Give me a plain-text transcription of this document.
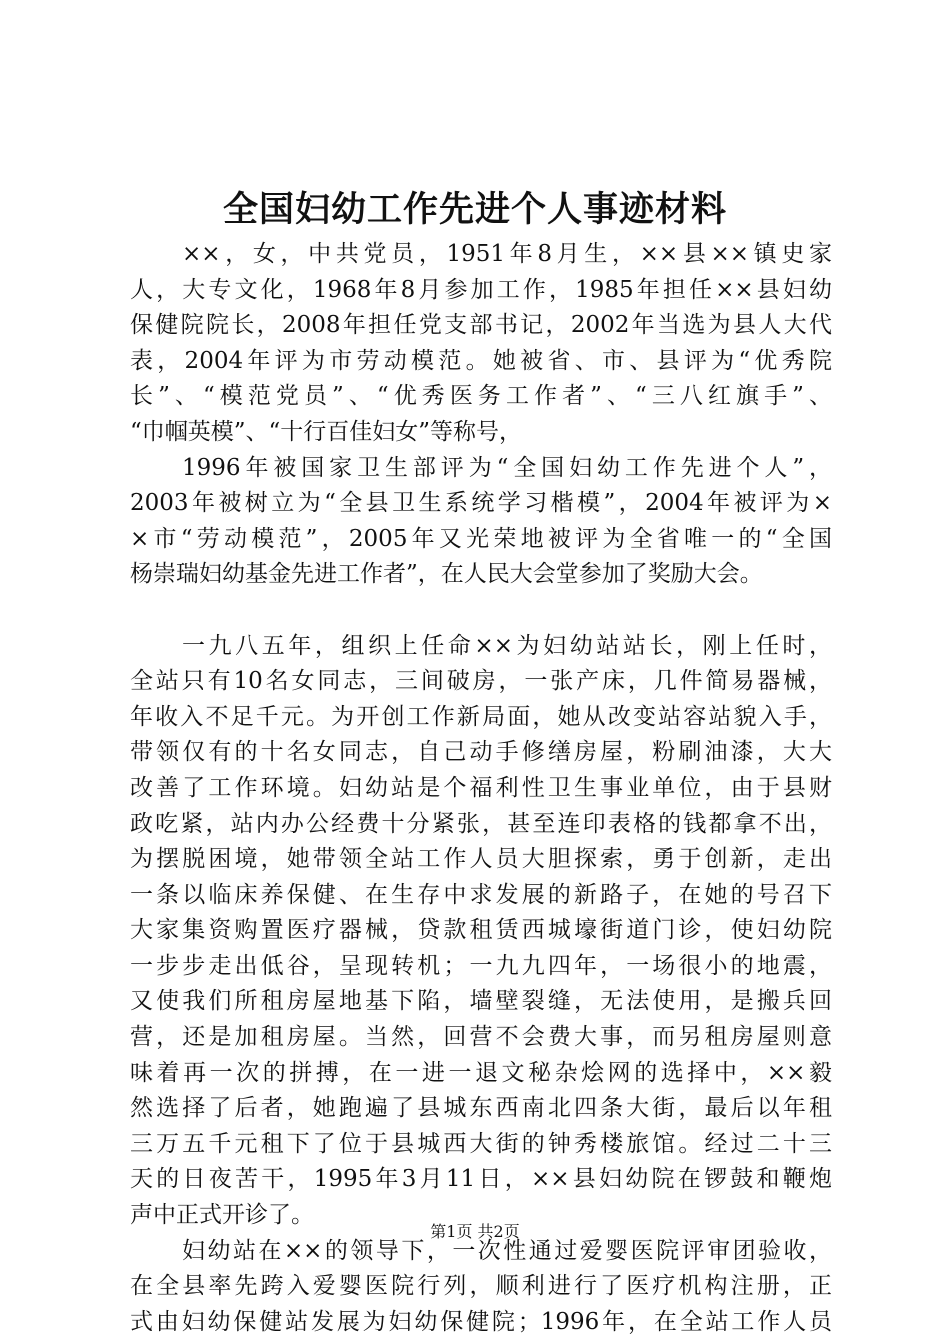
全国妇幼工作先进个人事迹材料
××，女，中共党员，1951年8月生，××县××镇史家
人，大专文化，1968年8月参加工作，1985年担任××县妇幼
保健院院长，2008年担任党支部书记，2002年当选为县人大代
表，2004年评为市劳动模范。她被省、市、县评为“优秀院
长”、“模范党员”、“优秀医务工作者”、“三八红旗手”、
“巾帼英模”、“十行百佳妇女”等称号，
1996年被国家卫生部评为“全国妇幼工作先进个人”，
2003年被树立为“全县卫生系统学习楷模”，2004年被评为×
×市“劳动模范”，2005年又光荣地被评为全省唯一的“全国
杨崇瑞妇幼基金先进工作者”，在人民大会堂参加了奖励大会。
一九八五年，组织上任命××为妇幼站站长，刚上任时，
全站只有10名女同志，三间破房，一张产床，几件简易器械，
年收入不足千元。为开创工作新局面，她从改变站容站貌入手，
带领仅有的十名女同志，自己动手修缮房屋，粉刷油漆，大大
改善了工作环境。妇幼站是个福利性卫生事业单位，由于县财
政吃紧，站内办公经费十分紧张，甚至连印表格的钱都拿不出，
为摆脱困境，她带领全站工作人员大胆探索，勇于创新，走出
一条以临床养保健、在生存中求发展的新路子，在她的号召下
大家集资购置医疗器械，贷款租赁西城壕街道门诊，使妇幼院
一步步走出低谷，呈现转机；一九九四年，一场很小的地震，
又使我们所租房屋地基下陷，墙壁裂缝，无法使用，是搬兵回
营，还是加租房屋。当然，回营不会费大事，而另租房屋则意
味着再一次的拼搏，在一进一退文秘杂烩网的选择中，××毅
然选择了后者，她跑遍了县城东西南北四条大街，最后以年租
三万五千元租下了位于县城西大街的钟秀楼旅馆。经过二十三
天的日夜苦干，1995年3月11日，××县妇幼院在锣鼓和鞭炮
声中正式开诊了。
妇幼站在××的领导下，一次性通过爱婴医院评审团验收，
在全县率先跨入爱婴医院行列，顺利进行了医疗机构注册，正
式由妇幼保健站发展为妇幼保健院；1996年，在全站工作人员
第1页 共2页
